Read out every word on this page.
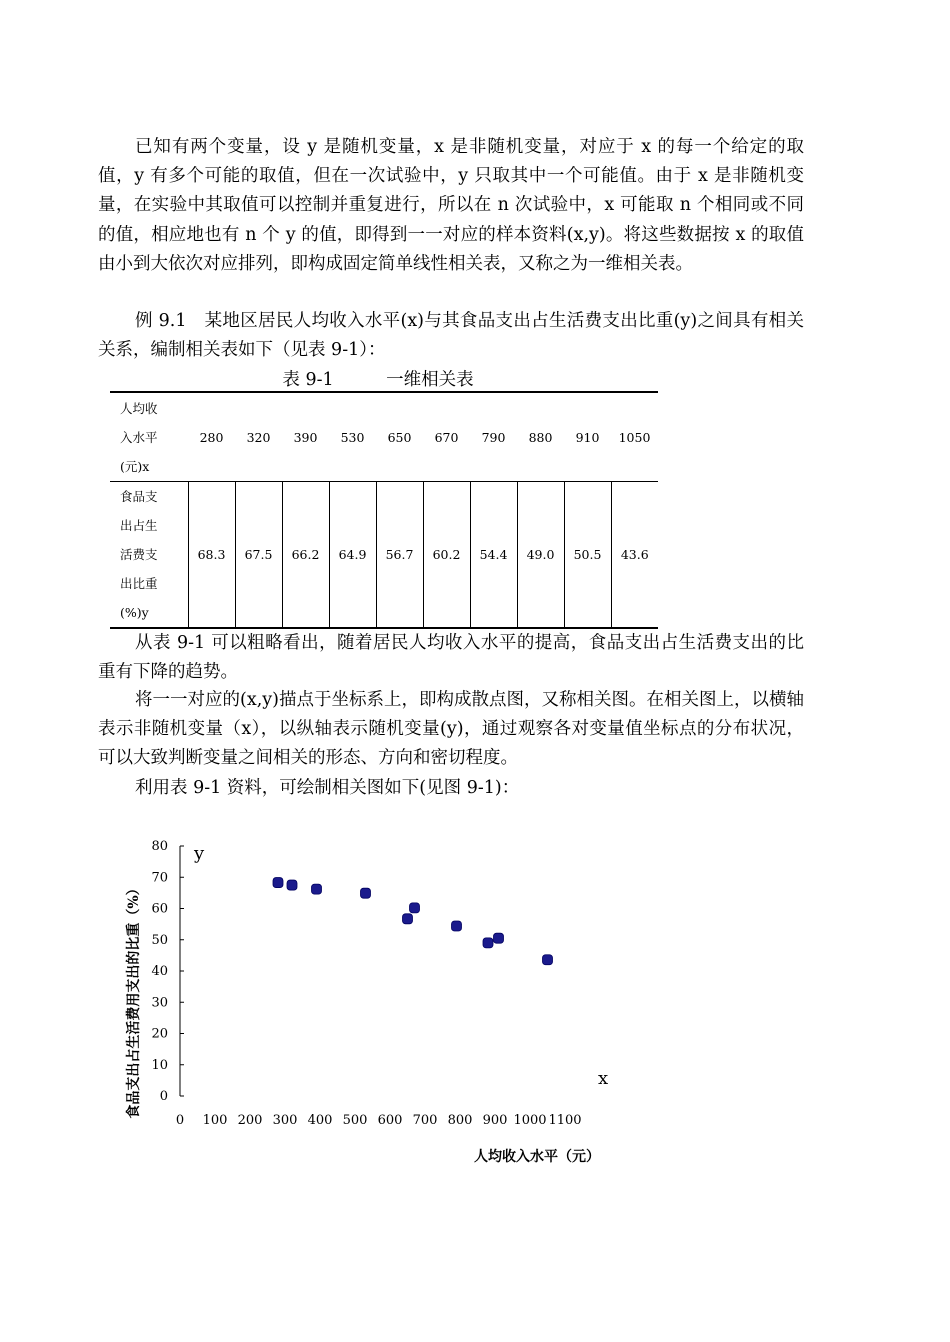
已知有两个变量，设 y 是随机变量，x 是非随机变量，对应于 x 的每一个给定的取值，y 有多个可能的取值，但在一次试验中，y 只取其中一个可能值。由于 x 是非随机变量，在实验中其取值可以控制并重复进行，所以在 n 次试验中，x 可能取 n 个相同或不同的值，相应地也有 n 个 y 的值，即得到一一对应的样本资料(x,y)。将这些数据按 x 的取值由小到大依次对应排列，即构成固定简单线性相关表，又称之为一维相关表。

例 9.1　某地区居民人均收入水平(x)与其食品支出占生活费支出比重(y)之间具有相关关系，编制相关表如下（见表 9-1）：

表 9-1　　　一维相关表
人均收
入水平
(元)x	280	320	390	530	650	670	790	880	910	1050

食品支
出占生
活费支
出比重
(%)y	68.3	67.5	66.2	64.9	56.7	60.2	54.4	49.0	50.5	43.6

从表 9-1 可以粗略看出，随着居民人均收入水平的提高，食品支出占生活费支出的比重有下降的趋势。

将一一对应的(x,y)描点于坐标系上，即构成散点图，又称相关图。在相关图上，以横轴表示非随机变量（x），以纵轴表示随机变量(y)，通过观察各对变量值坐标点的分布状况，可以大致判断变量之间相关的形态、方向和密切程度。

利用表 9-1 资料，可绘制相关图如下(见图 9-1)：

0
10
20
30
40
50
60
70
80
0 100 200 300 400 500 600 700 800 900 1000 1100
y
x
食品支出占生活费用支出的比重（%）
人均收入水平（元）
